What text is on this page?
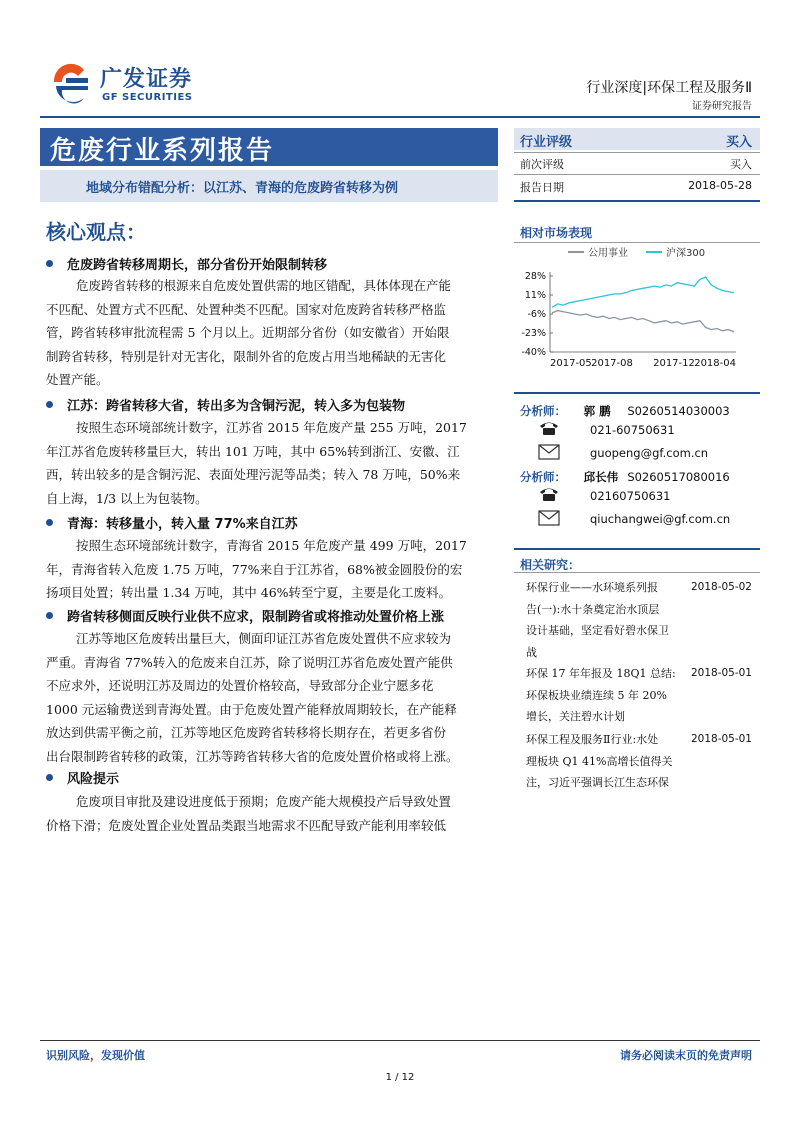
广发证券
GF SECURITIES
行业深度|环保工程及服务Ⅱ
证券研究报告
危废行业系列报告
地域分布错配分析：以江苏、青海的危废跨省转移为例
行业评级	买入
前次评级	买入
报告日期	2018-05-28
核心观点：
危废跨省转移周期长，部分省份开始限制转移
危废跨省转移的根源来自危废处置供需的地区错配，具体体现在产能
不匹配、处置方式不匹配、处置种类不匹配。国家对危废跨省转移严格监
管，跨省转移审批流程需 5 个月以上。近期部分省份（如安徽省）开始限
制跨省转移，特别是针对无害化，限制外省的危废占用当地稀缺的无害化
处置产能。
江苏：跨省转移大省，转出多为含铜污泥，转入多为包装物
按照生态环境部统计数字，江苏省 2015 年危废产量 255 万吨，2017
年江苏省危废转移量巨大，转出 101 万吨，其中 65%转到浙江、安徽、江
西，转出较多的是含铜污泥、表面处理污泥等品类；转入 78 万吨，50%来
自上海，1/3 以上为包装物。
青海：转移量小，转入量 77%来自江苏
按照生态环境部统计数字，青海省 2015 年危废产量 499 万吨，2017
年，青海省转入危废 1.75 万吨，77%来自于江苏省，68%被金圆股份的宏
扬项目处置；转出量 1.34 万吨，其中 46%转至宁夏，主要是化工废料。
跨省转移侧面反映行业供不应求，限制跨省或将推动处置价格上涨
江苏等地区危废转出量巨大，侧面印证江苏省危废处置供不应求较为
严重。青海省 77%转入的危废来自江苏，除了说明江苏省危废处置产能供
不应求外，还说明江苏及周边的处置价格较高，导致部分企业宁愿多花
1000 元运输费送到青海处置。由于危废处置产能释放周期较长，在产能释
放达到供需平衡之前，江苏等地区危废跨省转移将长期存在，若更多省份
出台限制跨省转移的政策，江苏等跨省转移大省的危废处置价格或将上涨。
风险提示
危废项目审批及建设进度低于预期；危废产能大规模投产后导致处置
价格下滑；危废处置企业处置品类跟当地需求不匹配导致产能利用率较低
相对市场表现
公用事业	沪深300
28%
11%
-6%
-23%
-40%
2017-05 2017-08 2017-12 2018-04
分析师： 郭 鹏 S0260514030003
021-60750631
guopeng@gf.com.cn
分析师： 邱长伟 S0260517080016
02160750631
qiuchangwei@gf.com.cn
相关研究：
环保行业——水环境系列报
告(一):水十条奠定治水顶层
设计基础，坚定看好碧水保卫
战
2018-05-02
环保 17 年年报及 18Q1 总结:
环保板块业绩连续 5 年 20%
增长，关注碧水计划
2018-05-01
环保工程及服务Ⅱ行业:水处
理板块 Q1 41%高增长值得关
注，习近平强调长江生态环保
2018-05-01
识别风险，发现价值	请务必阅读末页的免责声明
1 / 12
